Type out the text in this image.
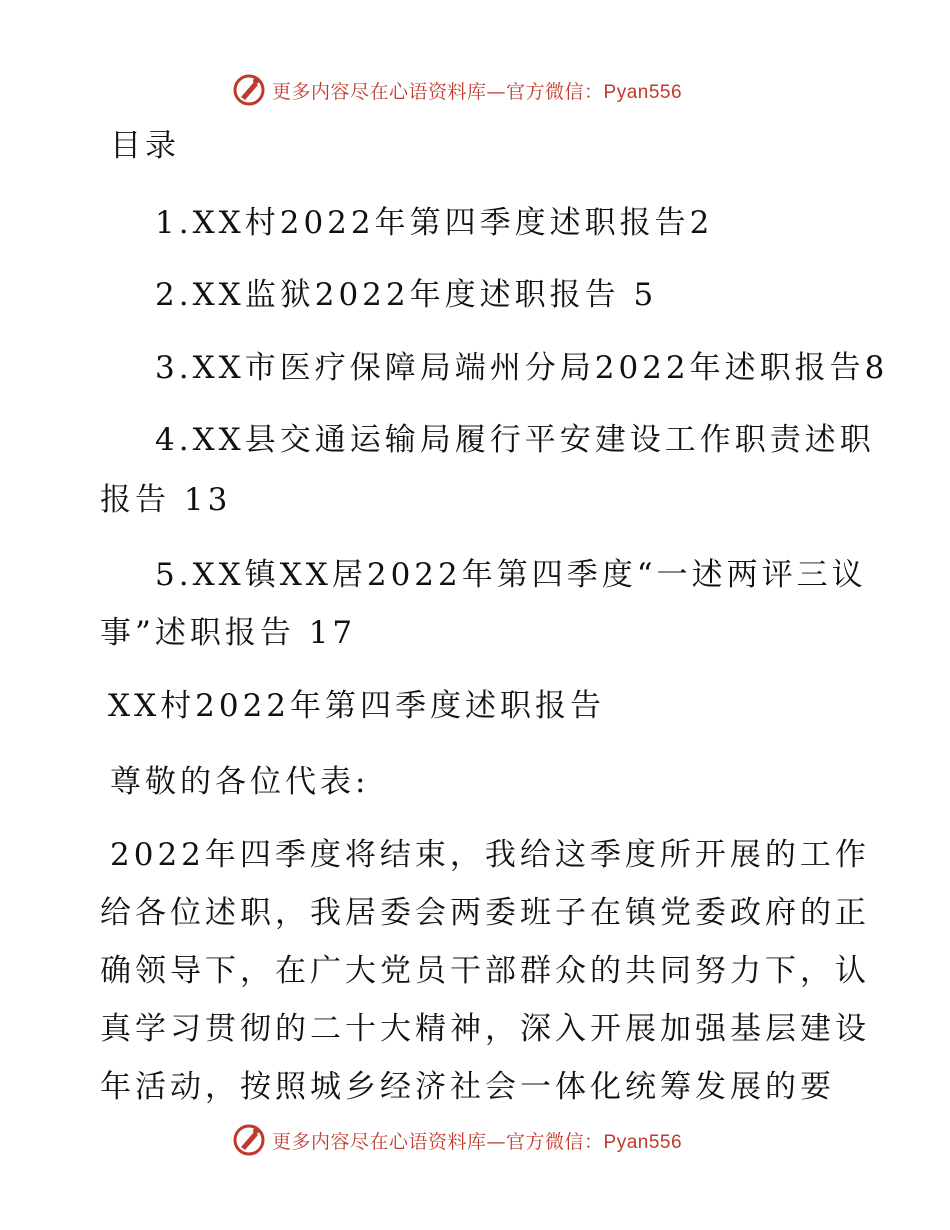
更多内容尽在心语资料库—官方微信：Pyan556
目录
1.XX村2022年第四季度述职报告2
2.XX监狱2022年度述职报告 5
3.XX市医疗保障局端州分局2022年述职报告8
4.XX县交通运输局履行平安建设工作职责述职
报告 13
5.XX镇XX居2022年第四季度“一述两评三议
事”述职报告 17
XX村2022年第四季度述职报告
尊敬的各位代表:
2022年四季度将结束，我给这季度所开展的工作
给各位述职，我居委会两委班子在镇党委政府的正
确领导下，在广大党员干部群众的共同努力下，认
真学习贯彻的二十大精神，深入开展加强基层建设
年活动，按照城乡经济社会一体化统筹发展的要
更多内容尽在心语资料库—官方微信：Pyan556
